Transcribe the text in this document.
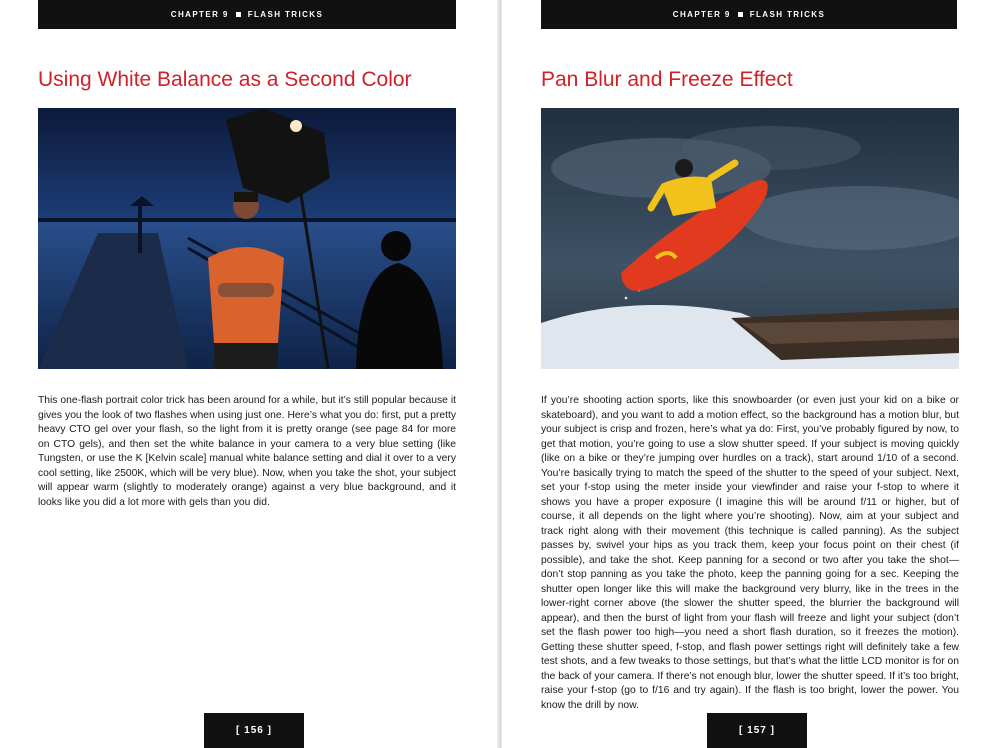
CHAPTER 9 FLASH TRICKS
Using White Balance as a Second Color

This one-flash portrait color trick has been around for a while, but it’s still popular because it gives you the look of two flashes when using just one. Here’s what you do: first, put a pretty heavy CTO gel over your flash, so the light from it is pretty orange (see page 84 for more on CTO gels), and then set the white balance in your camera to a very blue setting (like Tungsten, or use the K [Kelvin scale] manual white balance setting and dial it over to a very cool setting, like 2500K, which will be very blue). Now, when you take the shot, your subject will appear warm (slightly to moderately orange) against a very blue background, and it looks like you did a lot more with gels than you did.

[ 156 ]
CHAPTER 9 FLASH TRICKS
Pan Blur and Freeze Effect

If you’re shooting action sports, like this snowboarder (or even just your kid on a bike or skateboard), and you want to add a motion effect, so the background has a motion blur, but your subject is crisp and frozen, here’s what ya do: First, you’ve probably figured by now, to get that motion, you’re going to use a slow shutter speed. If your subject is moving quickly (like on a bike or they’re jumping over hurdles on a track), start around 1/10 of a second. You’re basically trying to match the speed of the shutter to the speed of your subject. Next, set your f-stop using the meter inside your viewfinder and raise your f-stop to where it shows you have a proper exposure (I imagine this will be around f/11 or higher, but of course, it all depends on the light where you’re shooting). Now, aim at your subject and track right along with their movement (this technique is called panning). As the subject passes by, swivel your hips as you track them, keep your focus point on their chest (if possible), and take the shot. Keep panning for a second or two after you take the shot—don’t stop panning as you take the photo, keep the panning going for a sec. Keeping the shutter open longer like this will make the background very blurry, like in the trees in the lower-right corner above (the slower the shutter speed, the blurrier the background will appear), and then the burst of light from your flash will freeze and light your subject (don’t set the flash power too high—you need a short flash duration, so it freezes the motion). Getting these shutter speed, f-stop, and flash power settings right will definitely take a few test shots, and a few tweaks to those settings, but that’s what the little LCD monitor is for on the back of your camera. If there’s not enough blur, lower the shutter speed. If it’s too bright, raise your f-stop (go to f/16 and try again). If the flash is too bright, lower the power. You know the drill by now.

[ 157 ]
